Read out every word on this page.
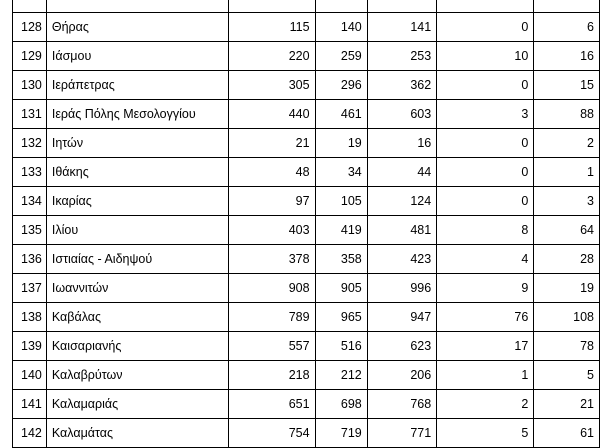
128	Θήρας	115	140	141	0	6
129	Ιάσμου	220	259	253	10	16
130	Ιεράπετρας	305	296	362	0	15
131	Ιεράς Πόλης Μεσολογγίου	440	461	603	3	88
132	Ιητών	21	19	16	0	2
133	Ιθάκης	48	34	44	0	1
134	Ικαρίας	97	105	124	0	3
135	Ιλίου	403	419	481	8	64
136	Ιστιαίας - Αιδηψού	378	358	423	4	28
137	Ιωαννιτών	908	905	996	9	19
138	Καβάλας	789	965	947	76	108
139	Καισαριανής	557	516	623	17	78
140	Καλαβρύτων	218	212	206	1	5
141	Καλαμαριάς	651	698	768	2	21
142	Καλαμάτας	754	719	771	5	61
